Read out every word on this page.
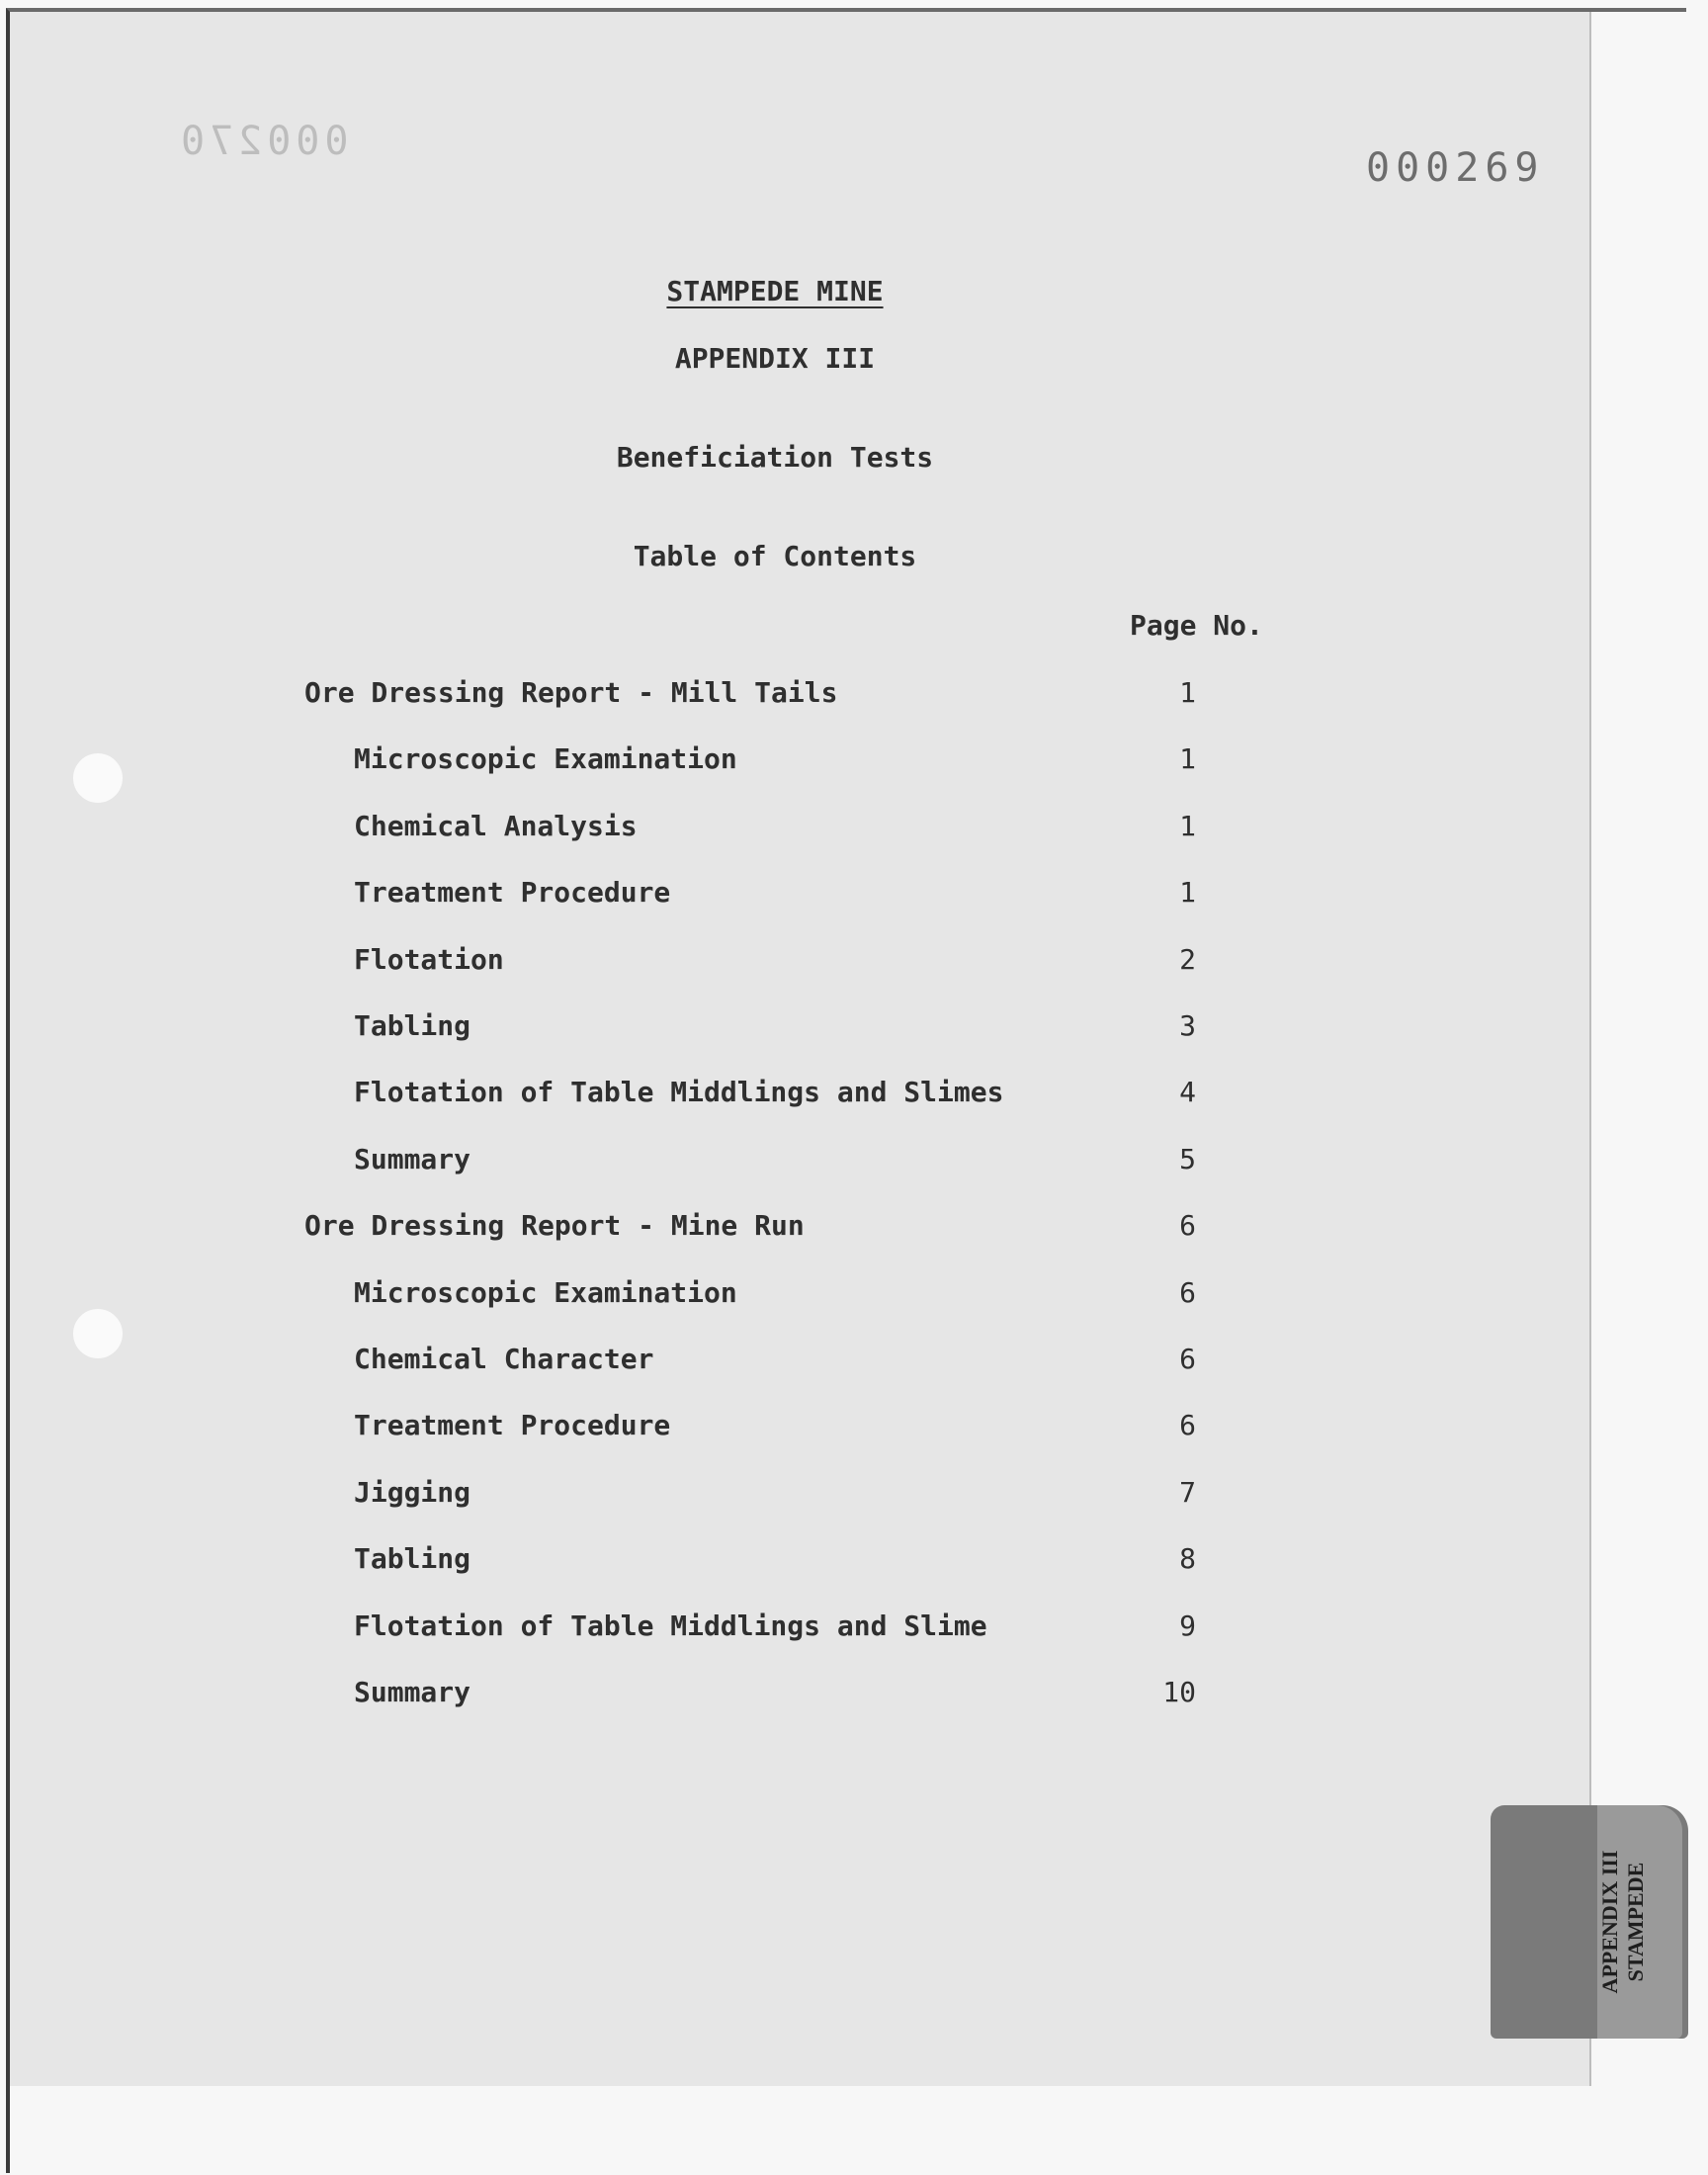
000270
000269
STAMPEDE MINE
APPENDIX III
Beneficiation Tests
Table of Contents
Page No.
Ore Dressing Report - Mill Tails	1
Microscopic Examination	1
Chemical Analysis	1
Treatment Procedure	1
Flotation	2
Tabling	3
Flotation of Table Middlings and Slimes	4
Summary	5
Ore Dressing Report - Mine Run	6
Microscopic Examination	6
Chemical Character	6
Treatment Procedure	6
Jigging	7
Tabling	8
Flotation of Table Middlings and Slime	9
Summary	10
APPENDIX III STAMPEDE
